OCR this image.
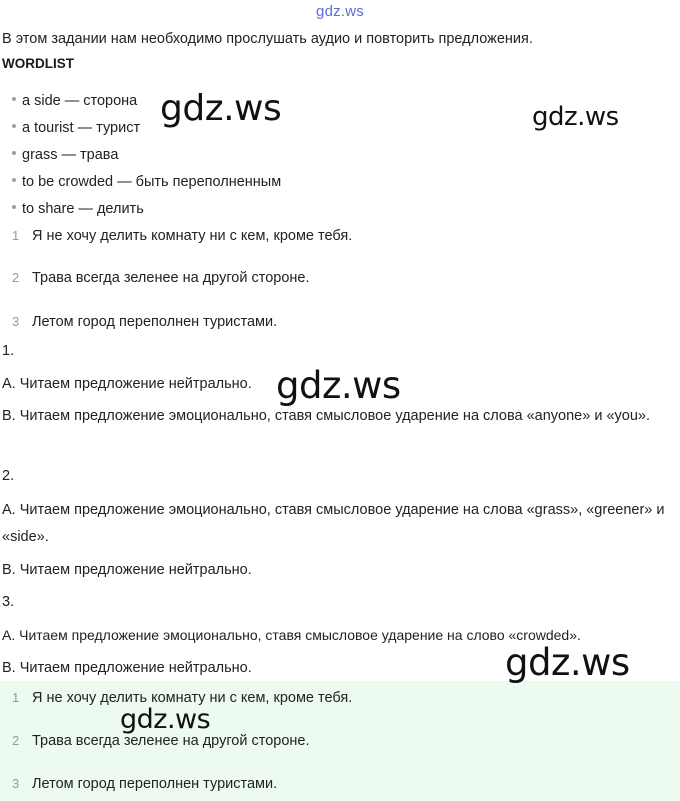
gdz.ws
В этом задании нам необходимо прослушать аудио и повторить предложения.
WORDLIST
a side — сторона
a tourist — турист
grass — трава
to be crowded — быть переполненным
to share — делить
1 Я не хочу делить комнату ни с кем, кроме тебя.
2 Трава всегда зеленее на другой стороне.
3 Летом город переполнен туристами.
1.
А. Читаем предложение нейтрально.
В. Читаем предложение эмоционально, ставя смысловое ударение на слова «anyone» и «you».
2.
А. Читаем предложение эмоционально, ставя смысловое ударение на слова «grass», «greener» и «side».
В. Читаем предложение нейтрально.
3.
А. Читаем предложение эмоционально, ставя смысловое ударение на слово «crowded».
В. Читаем предложение нейтрально.
1 Я не хочу делить комнату ни с кем, кроме тебя.
2 Трава всегда зеленее на другой стороне.
3 Летом город переполнен туристами.
gdz.ws	gdz.ws
gdz.ws
gdz.ws
gdz.ws
